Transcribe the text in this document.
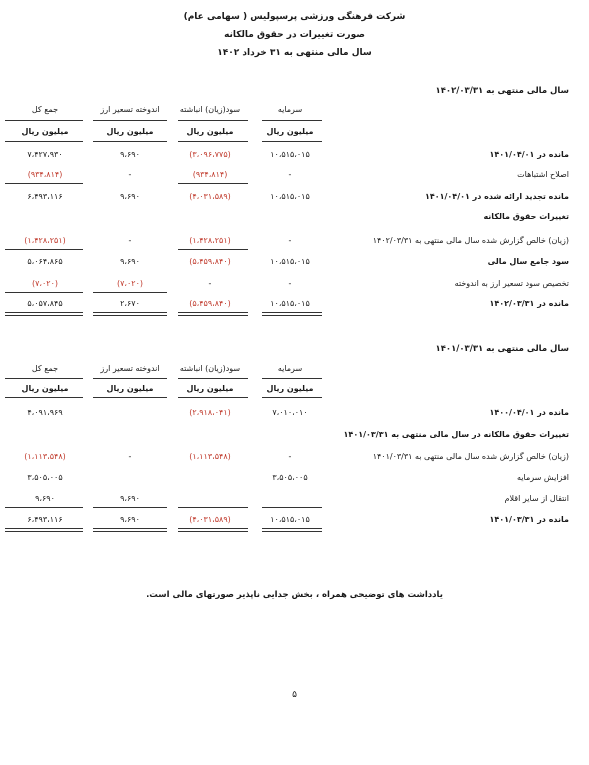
شرکت فرهنگی ورزشی پرسپولیس ( سهامی عام)
صورت تغییرات در حقوق مالکانه
سال مالی منتهی به ۳۱ خرداد ۱۴۰۲
سال مالی منتهی به ۱۴۰۲/۰۳/۳۱
سرمایه
سود(زیان) انباشته
اندوخته تسعیر ارز
جمع کل
میلیون ریال
میلیون ریال
میلیون ریال
میلیون ریال
مانده در ۱۴۰۱/۰۴/۰۱
۱۰،۵۱۵،۰۱۵
(۳،۰۹۶،۷۷۵)
۹،۶۹۰
۷،۴۲۷،۹۳۰
اصلاح اشتباهات
-
(۹۳۴،۸۱۴)
-
(۹۳۴،۸۱۴)
مانده تجدید ارائه شده در ۱۴۰۱/۰۴/۰۱
۱۰،۵۱۵،۰۱۵
(۴،۰۳۱،۵۸۹)
۹،۶۹۰
۶،۴۹۳،۱۱۶
تغییرات حقوق مالکانه
(زیان) خالص گزارش شده سال مالی منتهی به ۱۴۰۲/۰۳/۳۱
-
(۱،۴۲۸،۲۵۱)
-
(۱،۴۲۸،۲۵۱)
سود جامع سال مالی
۱۰،۵۱۵،۰۱۵
(۵،۴۵۹،۸۴۰)
۹،۶۹۰
۵،۰۶۴،۸۶۵
تخصیص سود تسعیر ارز به اندوخته
-
-
(۷،۰۲۰)
(۷،۰۲۰)
مانده در ۱۴۰۲/۰۳/۳۱
۱۰،۵۱۵،۰۱۵
(۵،۴۵۹،۸۴۰)
۲،۶۷۰
۵،۰۵۷،۸۴۵
سال مالی منتهی به ۱۴۰۱/۰۳/۳۱
سرمایه
سود(زیان) انباشته
اندوخته تسعیر ارز
جمع کل
میلیون ریال
میلیون ریال
میلیون ریال
میلیون ریال
مانده در ۱۴۰۰/۰۴/۰۱
۷،۰۱۰،۰۱۰
(۲،۹۱۸،۰۴۱)
۴،۰۹۱،۹۶۹
تغییرات حقوق مالکانه در سال مالی منتهی به ۱۴۰۱/۰۳/۳۱
(زیان) خالص گزارش شده سال مالی منتهی به ۱۴۰۱/۰۳/۳۱
-
(۱،۱۱۳،۵۴۸)
-
(۱،۱۱۳،۵۴۸)
افزایش سرمایه
۳،۵۰۵،۰۰۵
۳،۵۰۵،۰۰۵
انتقال از سایر اقلام
۹،۶۹۰
۹،۶۹۰
مانده در ۱۴۰۱/۰۳/۳۱
۱۰،۵۱۵،۰۱۵
(۴،۰۳۱،۵۸۹)
۹،۶۹۰
۶،۴۹۳،۱۱۶
یادداشت های توضیحی همراه ، بخش جدایی ناپذیر صورتهای مالی است.
۵
